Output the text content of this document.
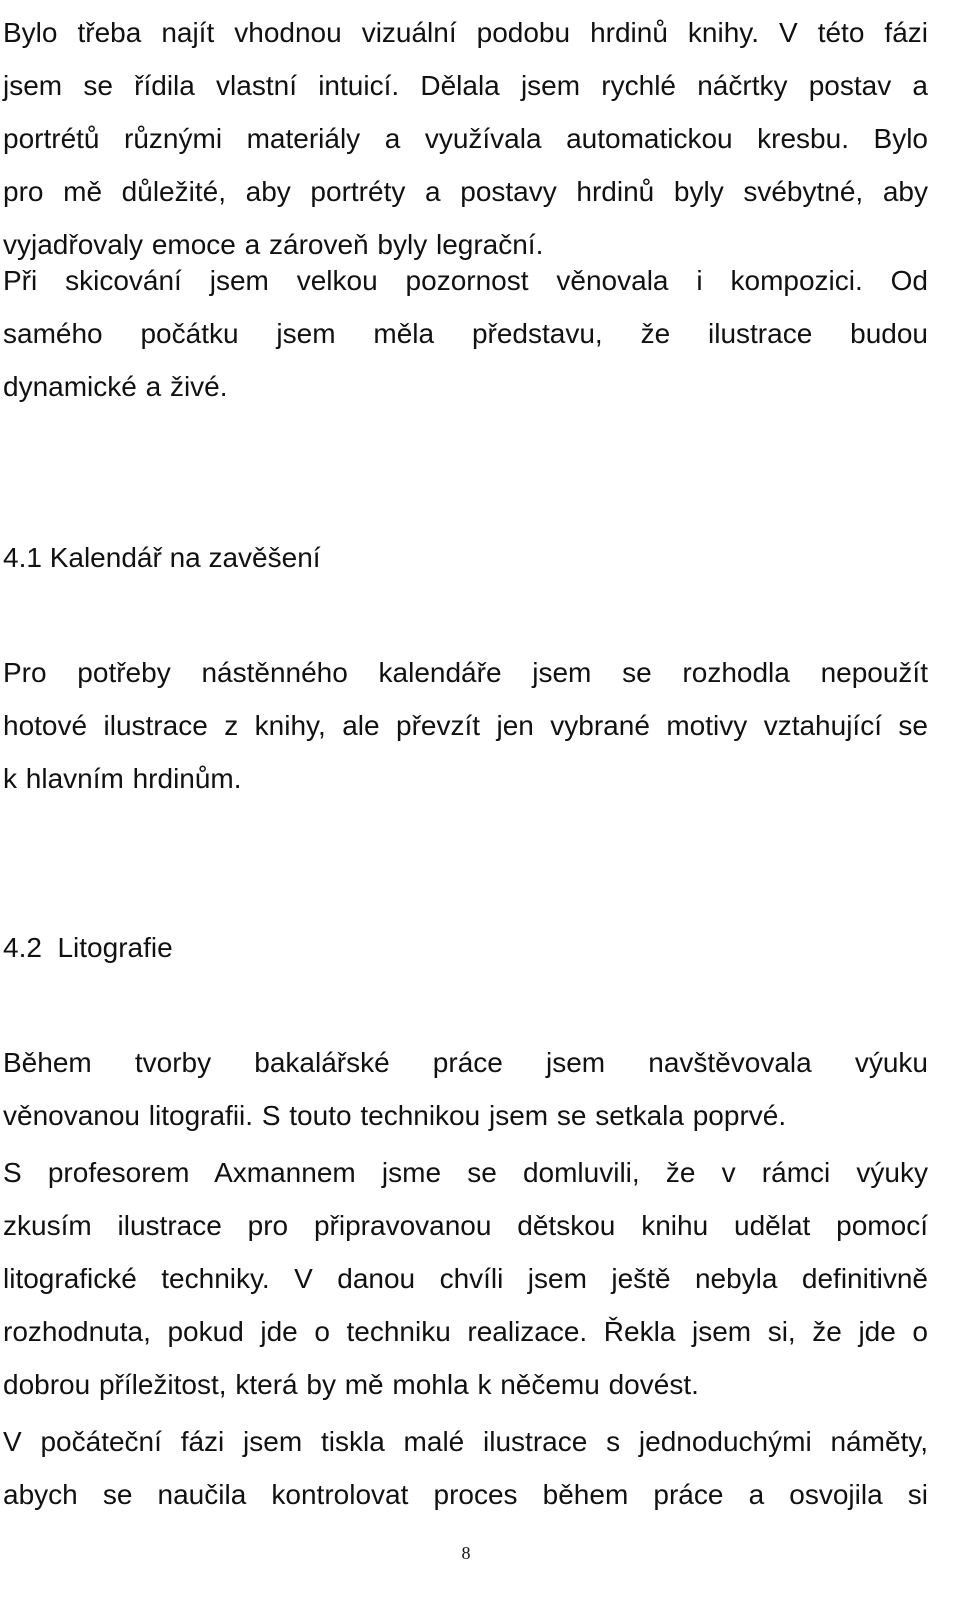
Bylo třeba najít vhodnou vizuální podobu hrdinů knihy. V této fázi
jsem se řídila vlastní intuicí. Dělala jsem rychlé náčrtky postav a
portrétů různými materiály a využívala automatickou kresbu. Bylo
pro mě důležité, aby portréty a postavy hrdinů byly svébytné, aby
vyjadřovaly emoce a zároveň byly legrační.
Při skicování jsem velkou pozornost věnovala i kompozici. Od
samého počátku jsem měla představu, že ilustrace budou
dynamické a živé.
4.1 Kalendář na zavěšení
Pro potřeby nástěnného kalendáře jsem se rozhodla nepoužít
hotové ilustrace z knihy, ale převzít jen vybrané motivy vztahující se
k hlavním hrdinům.
4.2  Litografie
Během tvorby bakalářské práce jsem navštěvovala výuku
věnovanou litografii. S touto technikou jsem se setkala poprvé.
S profesorem Axmannem jsme se domluvili, že v rámci výuky
zkusím ilustrace pro připravovanou dětskou knihu udělat pomocí
litografické techniky. V danou chvíli jsem ještě nebyla definitivně
rozhodnuta, pokud jde o techniku realizace. Řekla jsem si, že jde o
dobrou příležitost, která by mě mohla k něčemu dovést.
V počáteční fázi jsem tiskla malé ilustrace s jednoduchými náměty,
abych se naučila kontrolovat proces během práce a osvojila si
8
